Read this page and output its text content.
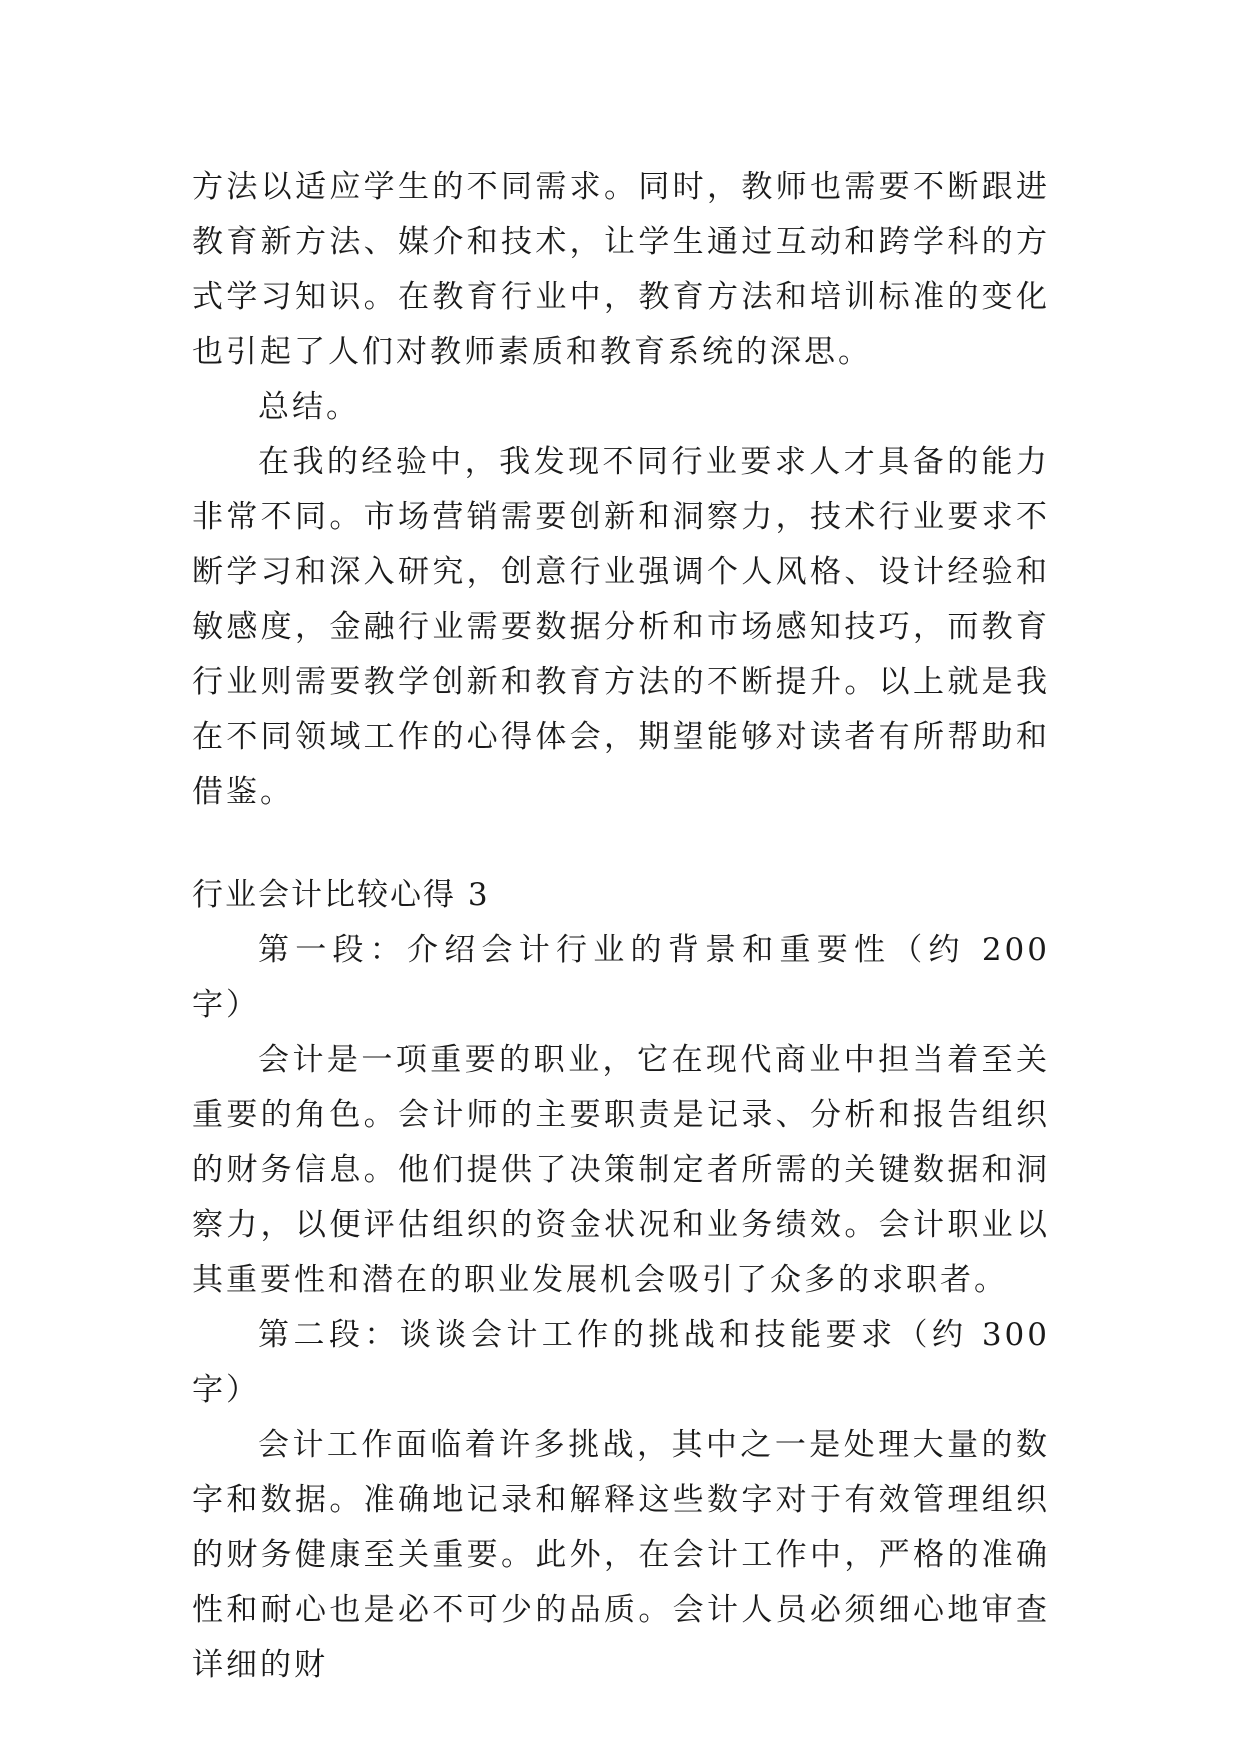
方法以适应学生的不同需求。同时，教师也需要不断跟进教育新方法、媒介和技术，让学生通过互动和跨学科的方式学习知识。在教育行业中，教育方法和培训标准的变化也引起了人们对教师素质和教育系统的深思。

总结。

在我的经验中，我发现不同行业要求人才具备的能力非常不同。市场营销需要创新和洞察力，技术行业要求不断学习和深入研究，创意行业强调个人风格、设计经验和敏感度，金融行业需要数据分析和市场感知技巧，而教育行业则需要教学创新和教育方法的不断提升。以上就是我在不同领域工作的心得体会，期望能够对读者有所帮助和借鉴。

行业会计比较心得 3

第一段：介绍会计行业的背景和重要性（约 200 字）

会计是一项重要的职业，它在现代商业中担当着至关重要的角色。会计师的主要职责是记录、分析和报告组织的财务信息。他们提供了决策制定者所需的关键数据和洞察力，以便评估组织的资金状况和业务绩效。会计职业以其重要性和潜在的职业发展机会吸引了众多的求职者。

第二段：谈谈会计工作的挑战和技能要求（约 300 字）

会计工作面临着许多挑战，其中之一是处理大量的数字和数据。准确地记录和解释这些数字对于有效管理组织的财务健康至关重要。此外，在会计工作中，严格的准确性和耐心也是必不可少的品质。会计人员必须细心地审查详细的财
